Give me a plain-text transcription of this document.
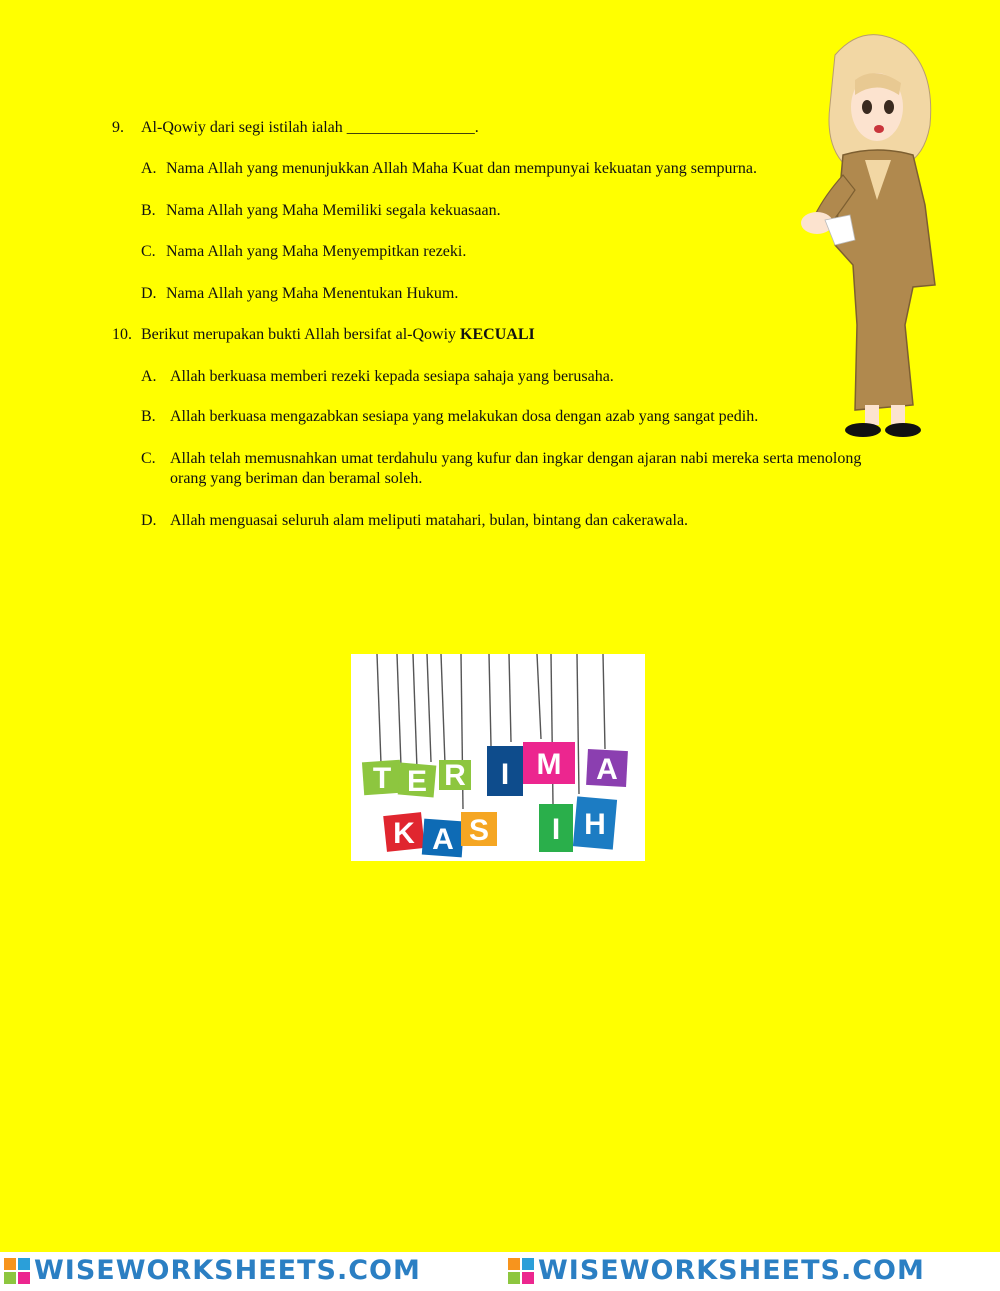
9. Al-Qowiy dari segi istilah ialah ________________.
A. Nama Allah yang menunjukkan Allah Maha Kuat dan mempunyai kekuatan yang sempurna.
B. Nama Allah yang Maha Memiliki segala kekuasaan.
C. Nama Allah yang Maha Menyempitkan rezeki.
D. Nama Allah yang Maha Menentukan Hukum.
10. Berikut merupakan bukti Allah bersifat al-Qowiy KECUALI
A. Allah berkuasa memberi rezeki kepada sesiapa sahaja yang berusaha.
B. Allah berkuasa mengazabkan sesiapa yang melakukan dosa dengan azab yang sangat pedih.
C. Allah telah memusnahkan umat terdahulu yang kufur dan ingkar dengan ajaran nabi mereka serta menolong orang yang beriman dan beramal soleh.
D. Allah menguasai seluruh alam meliputi matahari, bulan, bintang dan cakerawala.
T E R I M A
K A S I H
WISEWORKSHEETS.COM	WISEWORKSHEETS.COM
